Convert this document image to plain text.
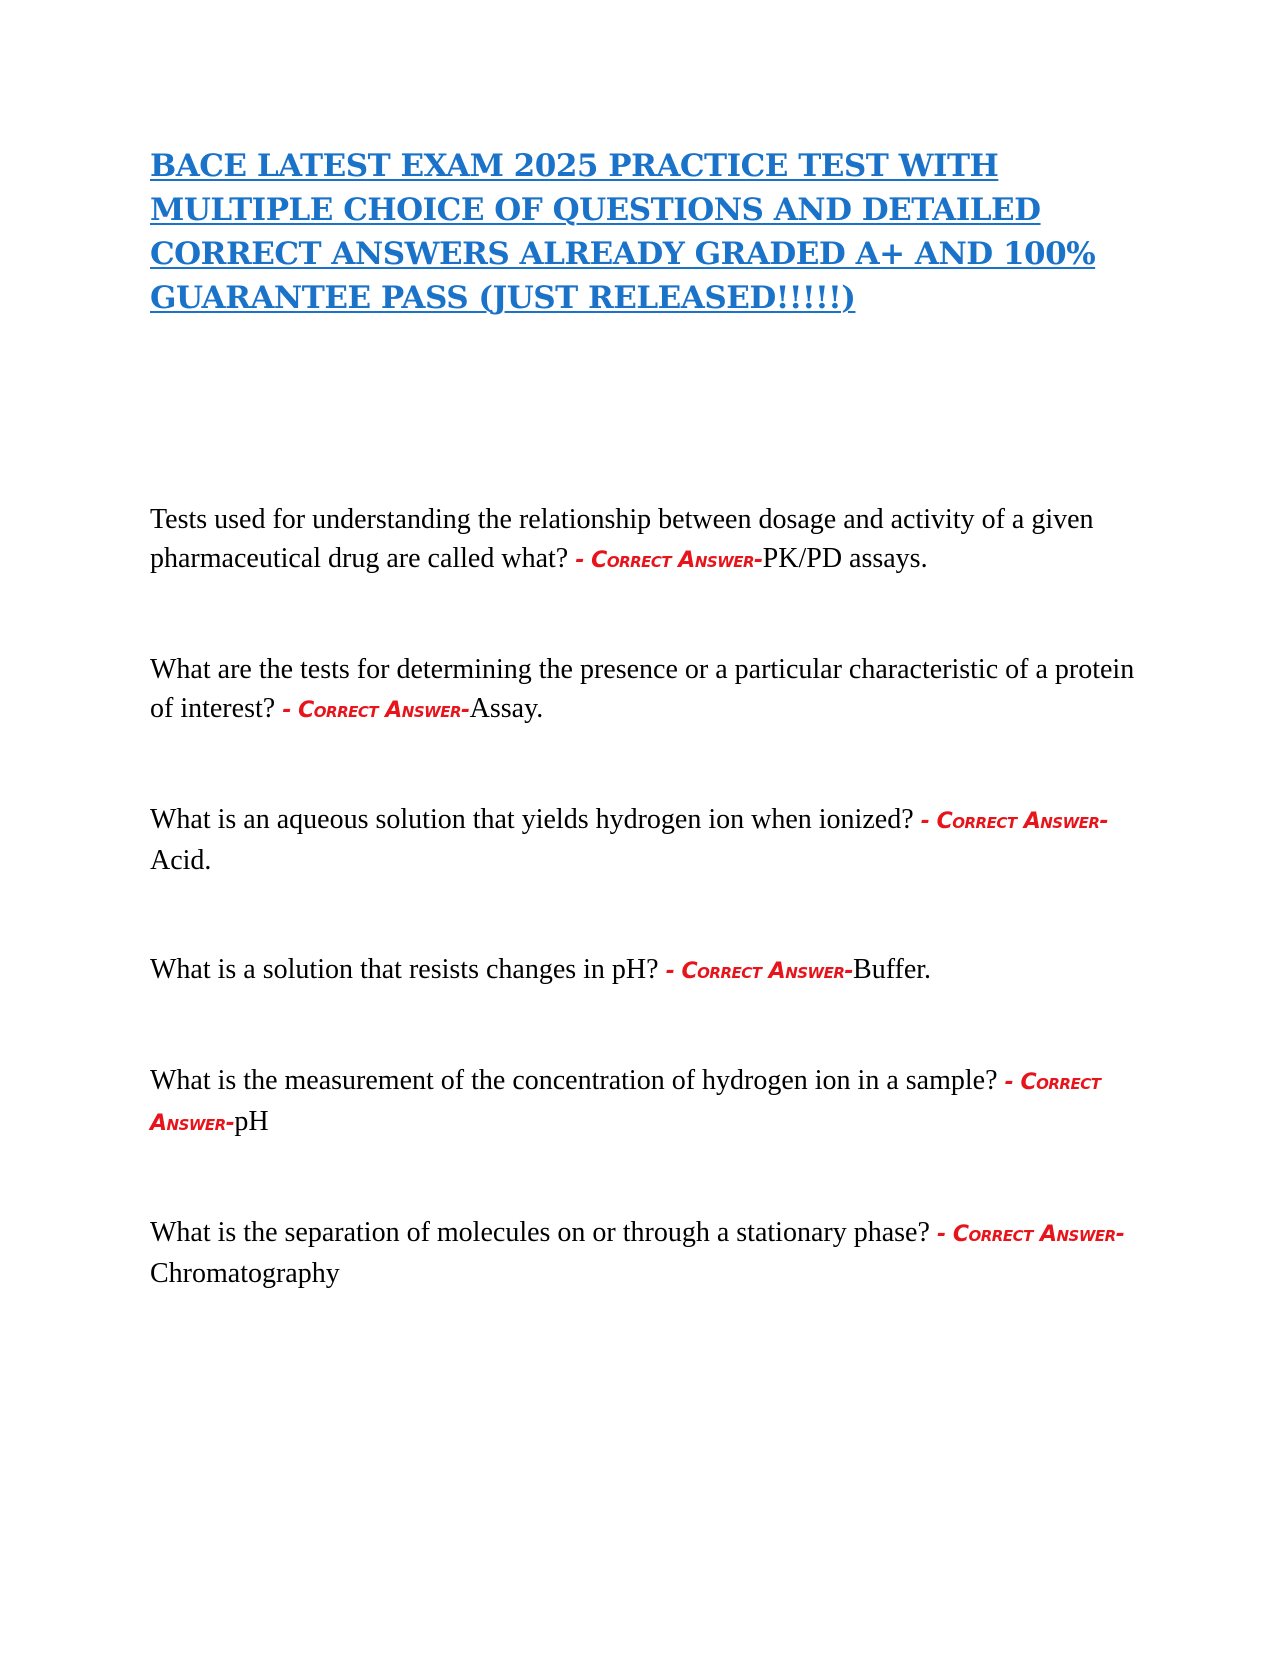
BACE LATEST EXAM 2025 PRACTICE TEST WITH MULTIPLE CHOICE OF QUESTIONS AND DETAILED CORRECT ANSWERS ALREADY GRADED A+ AND 100% GUARANTEE PASS (JUST RELEASED!!!!!)
Tests used for understanding the relationship between dosage and activity of a given pharmaceutical drug are called what? - Correct Answer-PK/PD assays.
What are the tests for determining the presence or a particular characteristic of a protein of interest? - Correct Answer-Assay.
What is an aqueous solution that yields hydrogen ion when ionized? - Correct Answer-Acid.
What is a solution that resists changes in pH? - Correct Answer-Buffer.
What is the measurement of the concentration of hydrogen ion in a sample? - Correct Answer-pH
What is the separation of molecules on or through a stationary phase? - Correct Answer-Chromatography
